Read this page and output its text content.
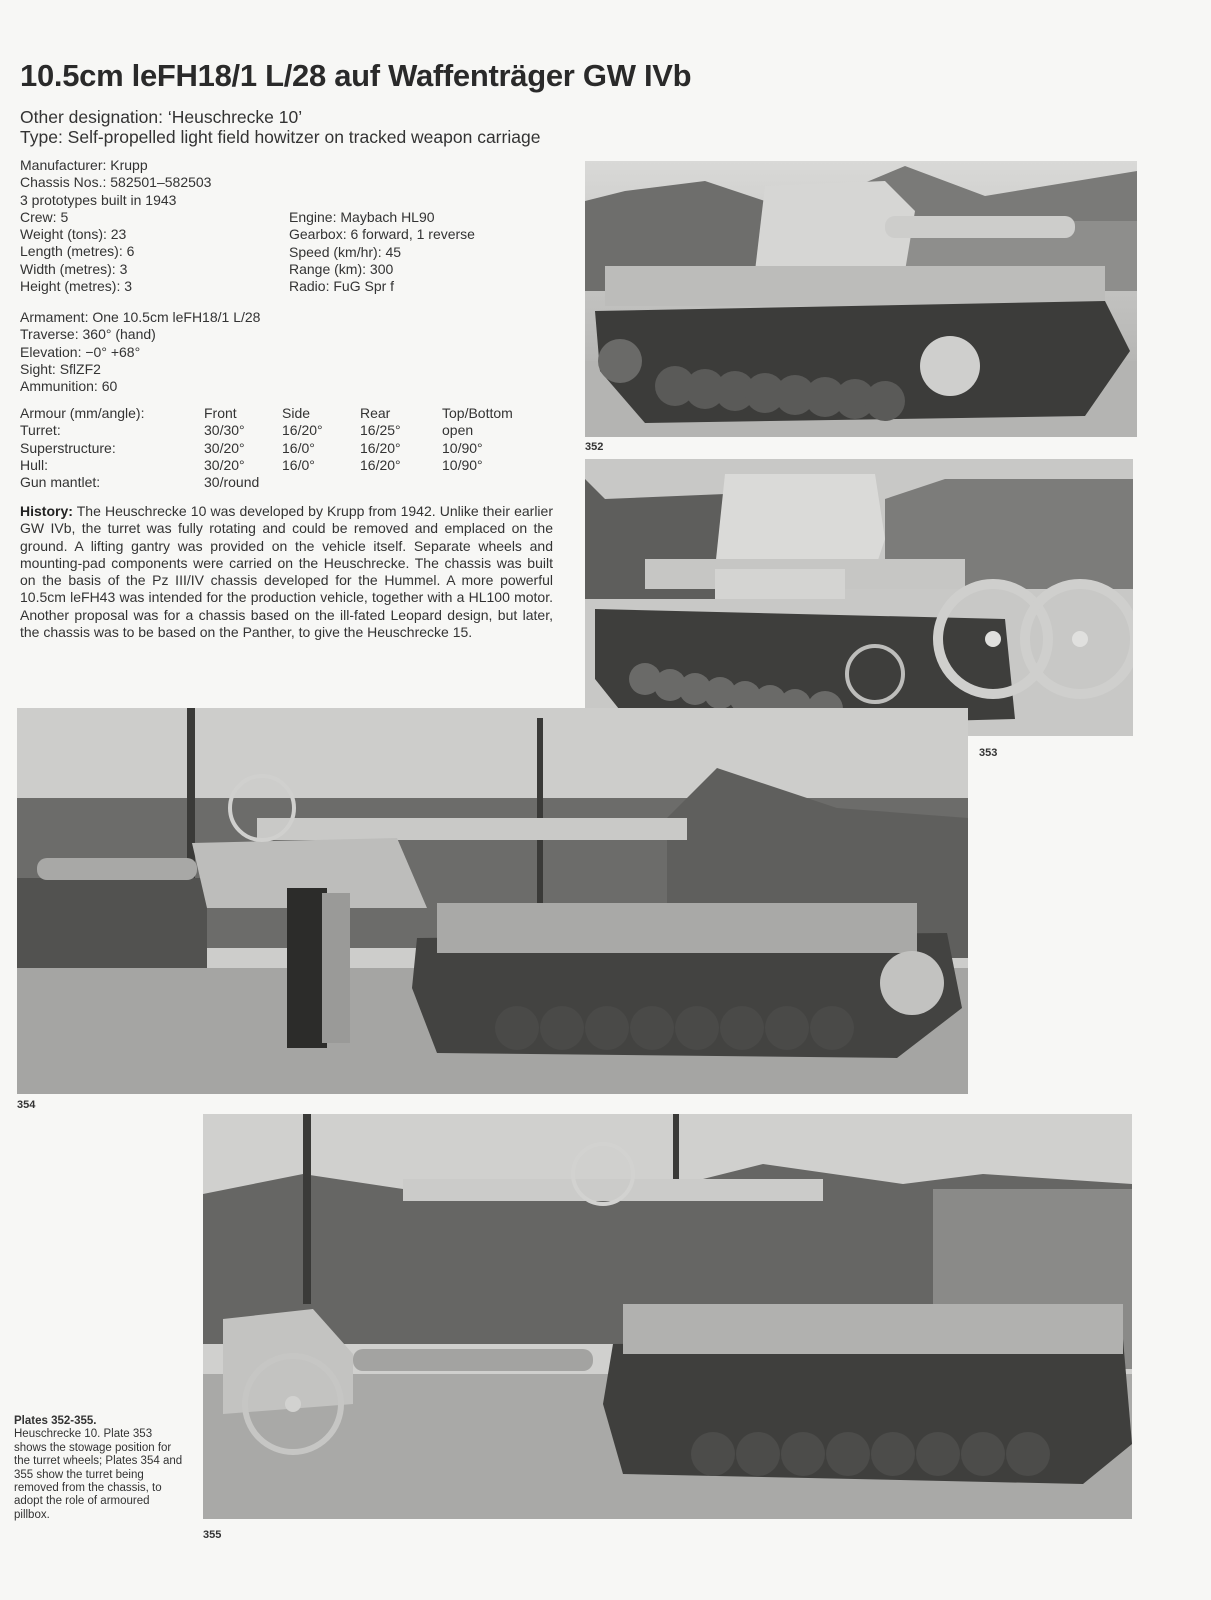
10.5cm leFH18/1 L/28 auf Waffenträger GW IVb
Other designation: ‘Heuschrecke 10’
Type: Self-propelled light field howitzer on tracked weapon carriage
Manufacturer: Krupp
Chassis Nos.: 582501–582503
3 prototypes built in 1943
Crew: 5
Weight (tons): 23
Length (metres): 6
Width (metres): 3
Height (metres): 3
Engine: Maybach HL90
Gearbox: 6 forward, 1 reverse
Speed (km/hr): 45
Range (km): 300
Radio: FuG Spr f
Armament: One 10.5cm leFH18/1 L/28
Traverse: 360° (hand)
Elevation: −0° +68°
Sight: SflZF2
Ammunition: 60
Armour (mm/angle):	Front	Side	Rear	Top/Bottom
Turret:	30/30°	16/20°	16/25°	open
Superstructure:	30/20°	16/0°	16/20°	10/90°
Hull:	30/20°	16/0°	16/20°	10/90°
Gun mantlet:	30/round			
History: The Heuschrecke 10 was developed by Krupp from 1942. Unlike their earlier GW IVb, the turret was fully rotating and could be removed and emplaced on the ground. A lifting gantry was provided on the vehicle itself. Separate wheels and mounting-pad components were carried on the Heuschrecke. The chassis was built on the basis of the Pz III/IV chassis developed for the Hummel. A more powerful 10.5cm leFH43 was intended for the production vehicle, together with a HL100 motor. Another proposal was for a chassis based on the ill-fated Leopard design, but later, the chassis was to be based on the Panther, to give the Heuschrecke 15.
352
353
354
355
Plates 352-355.
Heuschrecke 10. Plate 353 shows the stowage position for the turret wheels; Plates 354 and 355 show the turret being removed from the chassis, to adopt the role of armoured pillbox.
